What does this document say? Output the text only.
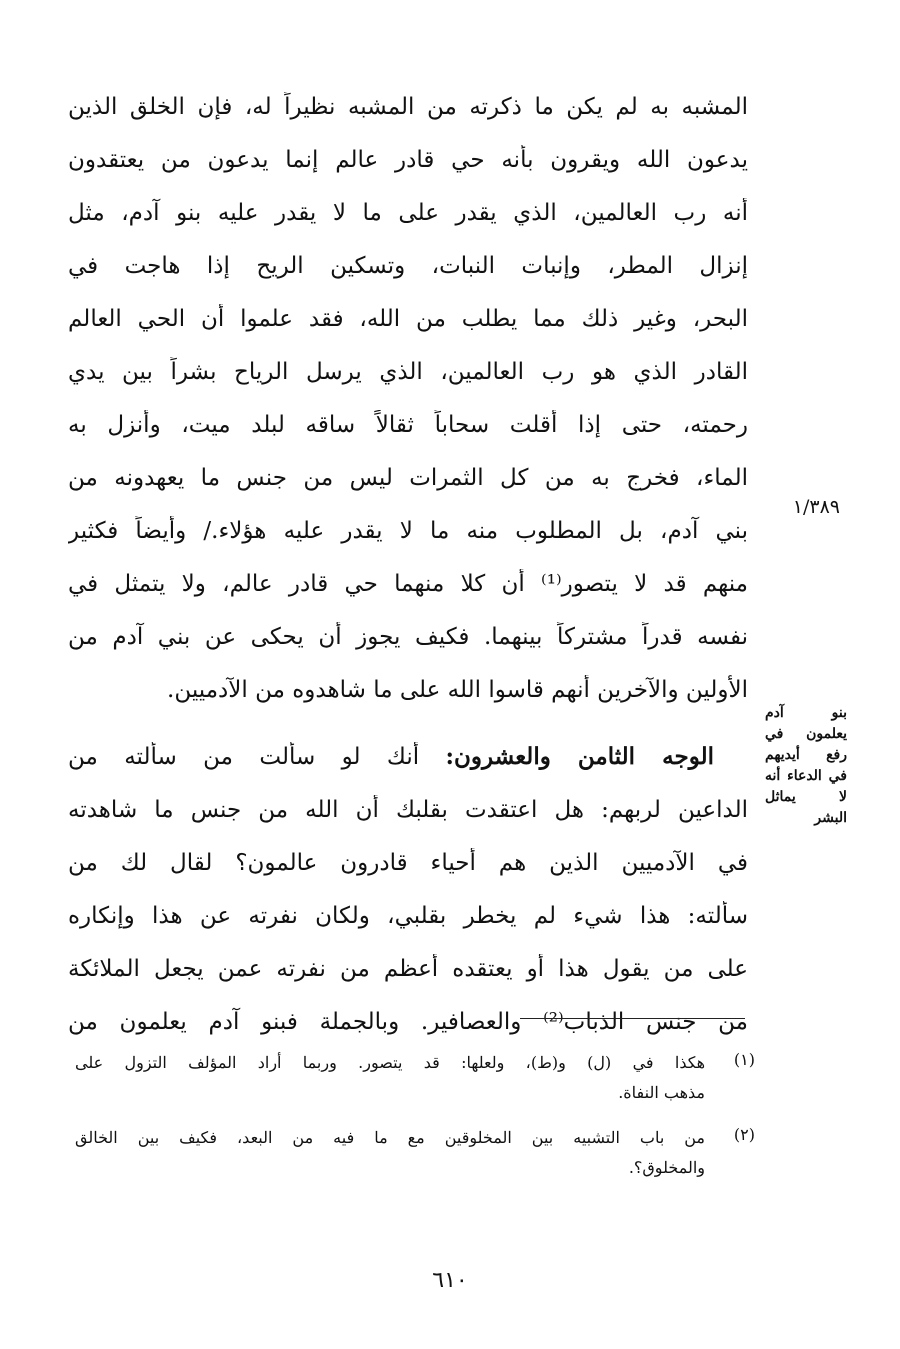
المشبه به لم يكن ما ذكرته من المشبه نظيراً له، فإن الخلق الذين
يدعون الله ويقرون بأنه حي قادر عالم إنما يدعون من يعتقدون
أنه رب العالمين، الذي يقدر على ما لا يقدر عليه بنو آدم، مثل
إنزال المطر، وإنبات النبات، وتسكين الريح إذا هاجت في
البحر، وغير ذلك مما يطلب من الله، فقد علموا أن الحي العالم
القادر الذي هو رب العالمين، الذي يرسل الرياح بشراً بين يدي
رحمته، حتى إذا أقلت سحاباً ثقالاً ساقه لبلد ميت، وأنزل به
الماء، فخرج به من كل الثمرات ليس من جنس ما يعهدونه من
بني آدم، بل المطلوب منه ما لا يقدر عليه هؤلاء./ وأيضاً فكثير
منهم قد لا يتصور⁽¹⁾ أن كلا منهما حي قادر عالم، ولا يتمثل في
نفسه قدراً مشتركاً بينهما. فكيف يجوز أن يحكى عن بني آدم من
الأولين والآخرين أنهم قاسوا الله على ما شاهدوه من الآدميين.
الوجه الثامن والعشرون: أنك لو سألت من سألته من
الداعين لربهم: هل اعتقدت بقلبك أن الله من جنس ما شاهدته
في الآدميين الذين هم أحياء قادرون عالمون؟ لقال لك من
سألته: هذا شيء لم يخطر بقلبي، ولكان نفرته عن هذا وإنكاره
على من يقول هذا أو يعتقده أعظم من نفرته عمن يجعل الملائكة
من جنس الذباب⁽²⁾ والعصافير. وبالجملة فبنو آدم يعلمون من
١/٣٨٩
بنو آدم
يعلمون في
رفع أيديهم
في الدعاء أنه
لا يماثل
البشر
(١)
هكذا في (ل) و(ط)، ولعلها: قد يتصور. وربما أراد المؤلف التزول على
مذهب النفاة.
(٢)
من باب التشبيه بين المخلوقين مع ما فيه من البعد، فكيف بين الخالق
والمخلوق؟.
٦١٠
